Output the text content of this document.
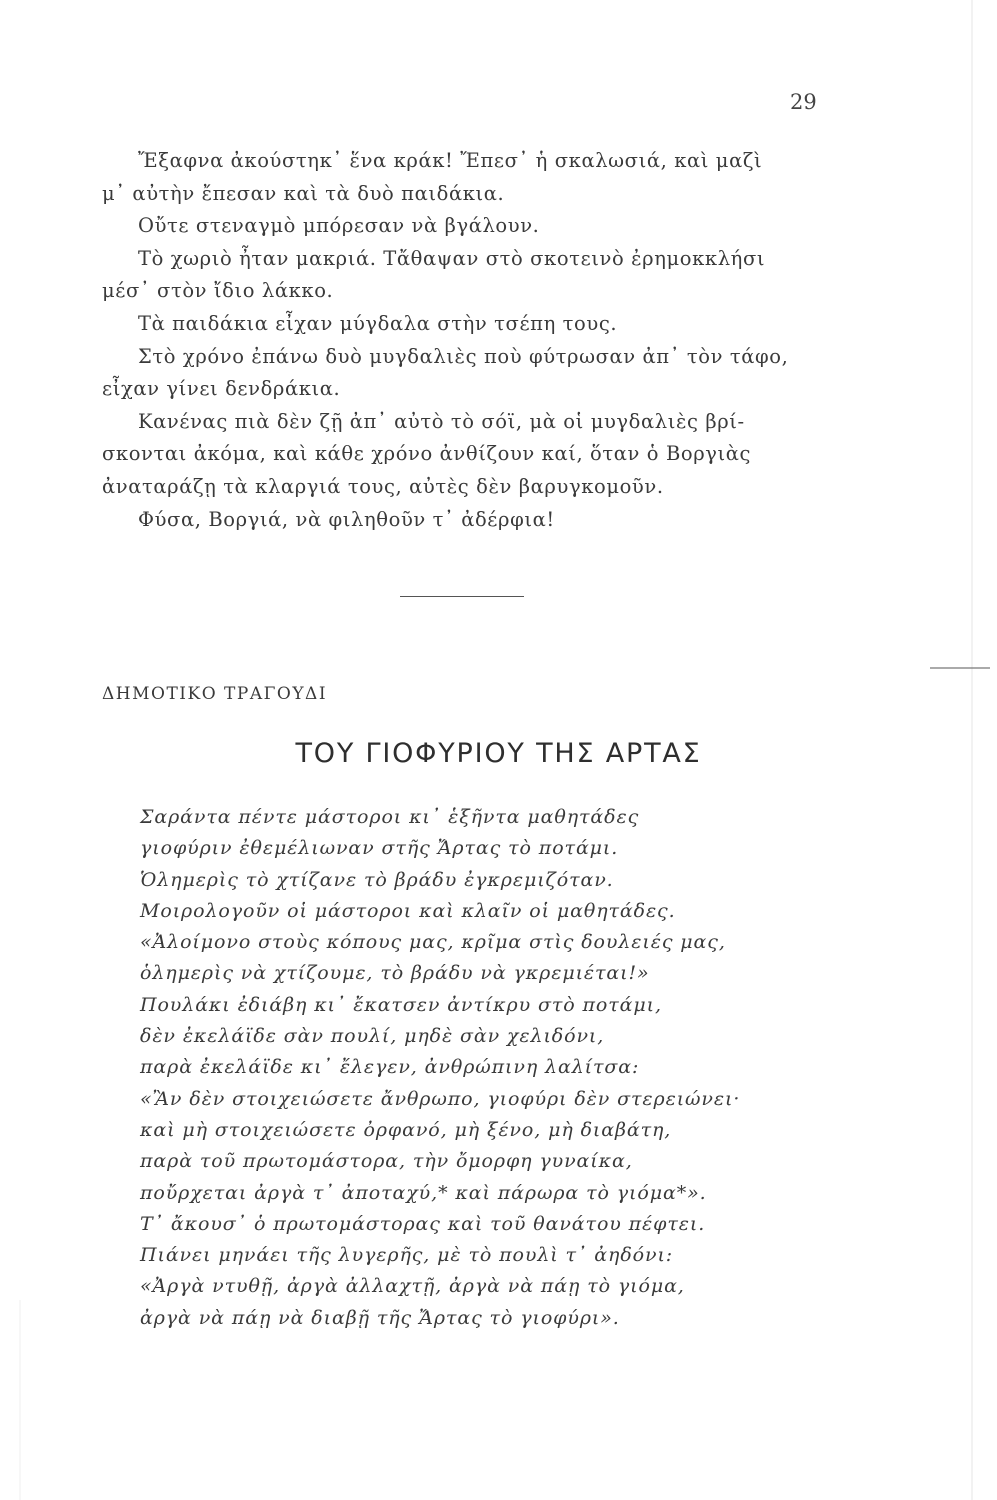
29
Ἔξαφνα ἀκούστηκ᾿ ἕνα κράκ! Ἔπεσ᾿ ἡ σκαλωσιά, καὶ μαζὶ
μ᾿ αὐτὴν ἔπεσαν καὶ τὰ δυὸ παιδάκια.
Οὔτε στεναγμὸ μπόρεσαν νὰ βγάλουν.
Τὸ χωριὸ ἦταν μακριά. Τἄθαψαν στὸ σκοτεινὸ ἐρημοκκλήσι
μέσ᾿ στὸν ἴδιο λάκκο.
Τὰ παιδάκια εἶχαν μύγδαλα στὴν τσέπη τους.
Στὸ χρόνο ἐπάνω δυὸ μυγδαλιὲς ποὺ φύτρωσαν ἀπ᾿ τὸν τάφο,
εἶχαν γίνει δενδράκια.
Κανένας πιὰ δὲν ζῇ ἀπ᾿ αὐτὸ τὸ σόϊ, μὰ οἱ μυγδαλιὲς βρί-
σκονται ἀκόμα, καὶ κάθε χρόνο ἀνθίζουν καί, ὅταν ὁ Βοργιὰς
ἀναταράζῃ τὰ κλαργιά τους, αὐτὲς δὲν βαρυγκομοῦν.
Φύσα, Βοργιά, νὰ φιληθοῦν τ᾿ ἀδέρφια!
ΔΗΜΟΤΙΚΟ ΤΡΑΓΟΥΔΙ
ΤΟΥ ΓΙΟΦΥΡΙΟΥ ΤΗΣ ΑΡΤΑΣ
Σαράντα πέντε μάστοροι κι᾿ ἑξῆντα μαθητάδες
γιοφύριν ἐθεμέλιωναν στῆς Ἄρτας τὸ ποτάμι.
Ὁλημερὶς τὸ χτίζανε τὸ βράδυ ἐγκρεμιζόταν.
Μοιρολογοῦν οἱ μάστοροι καὶ κλαῖν οἱ μαθητάδες.
«Ἀλοίμονο στοὺς κόπους μας, κρῖμα στὶς δουλειές μας,
ὁλημερὶς νὰ χτίζουμε, τὸ βράδυ νὰ γκρεμιέται!»
Πουλάκι ἐδιάβη κι᾿ ἔκατσεν ἀντίκρυ στὸ ποτάμι,
δὲν ἐκελάϊδε σὰν πουλί, μηδὲ σὰν χελιδόνι,
παρὰ ἐκελάϊδε κι᾿ ἔλεγεν, ἀνθρώπινη λαλίτσα:
«Ἂν δὲν στοιχειώσετε ἄνθρωπο, γιοφύρι δὲν στερειώνει·
καὶ μὴ στοιχειώσετε ὀρφανό, μὴ ξένο, μὴ διαβάτη,
παρὰ τοῦ πρωτομάστορα, τὴν ὄμορφη γυναίκα,
ποὔρχεται ἀργὰ τ᾿ ἀποταχύ,* καὶ πάρωρα τὸ γιόμα*».
Τ᾿ ἄκουσ᾿ ὁ πρωτομάστορας καὶ τοῦ θανάτου πέφτει.
Πιάνει μηνάει τῆς λυγερῆς, μὲ τὸ πουλὶ τ᾿ ἀηδόνι:
«Ἀργὰ ντυθῇ, ἀργὰ ἀλλαχτῇ, ἀργὰ νὰ πάῃ τὸ γιόμα,
ἀργὰ νὰ πάῃ νὰ διαβῇ τῆς Ἄρτας τὸ γιοφύρι».
